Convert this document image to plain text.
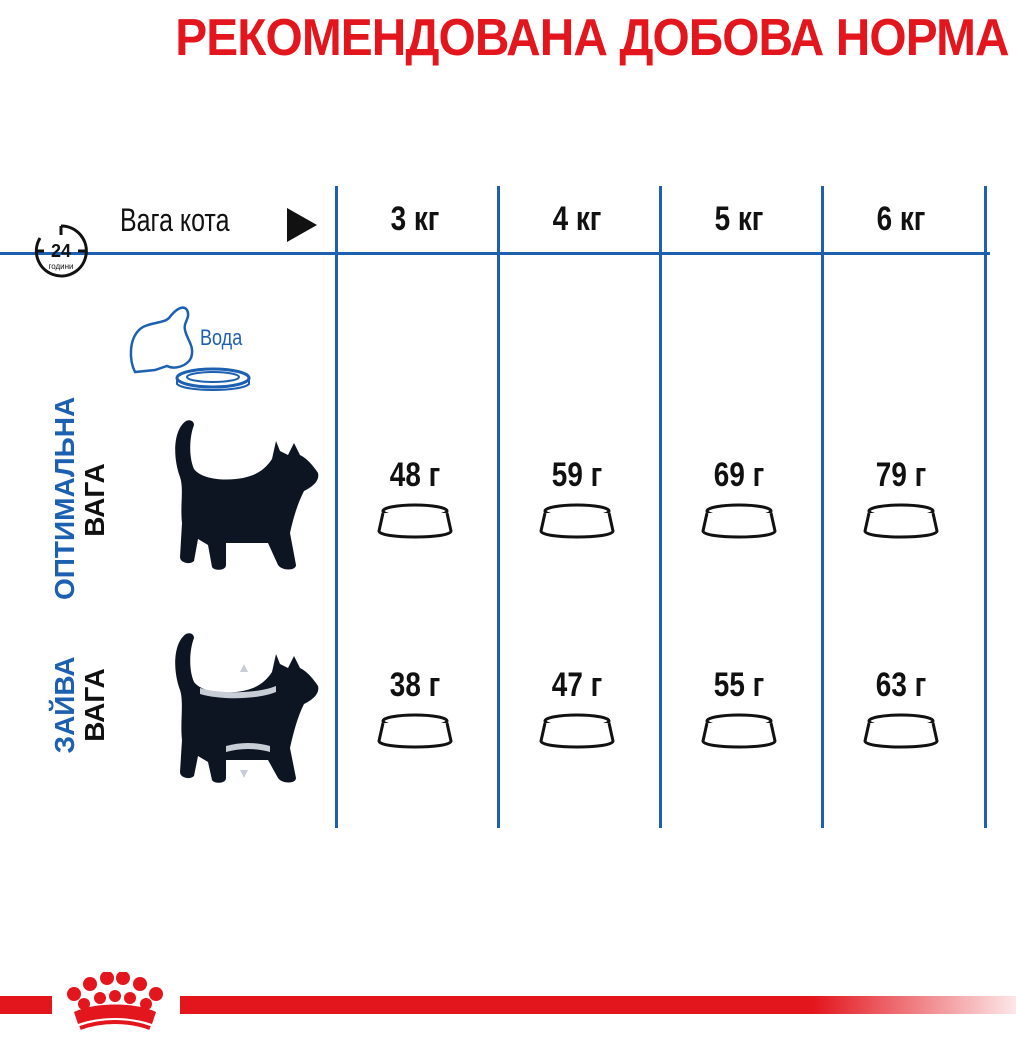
РЕКОМЕНДОВАНА ДОБОВА НОРМА
24
години
Вага кота	3 кг	4 кг	5 кг	6 кг
Вода
ОПТИМАЛЬНА ВАГА
ЗАЙВА ВАГА
48 г	59 г	69 г	79 г
38 г	47 г	55 г	63 г
